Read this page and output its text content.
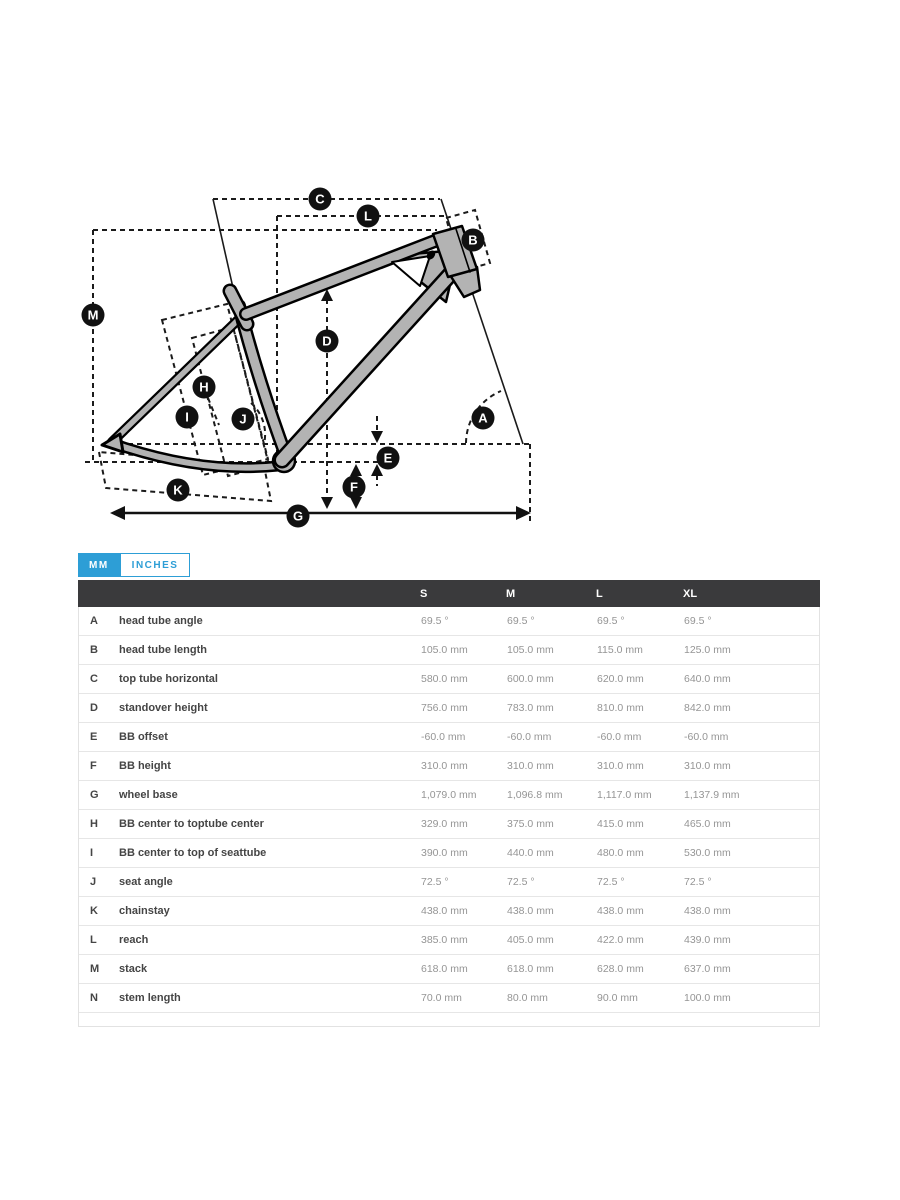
C
L
B
M
D
H
I	J	A
E
F
K
G
MM	INCHES
S	M	L	XL
A	head tube angle	69.5 °	69.5 °	69.5 °	69.5 °
B	head tube length	105.0 mm	105.0 mm	115.0 mm	125.0 mm
C	top tube horizontal	580.0 mm	600.0 mm	620.0 mm	640.0 mm
D	standover height	756.0 mm	783.0 mm	810.0 mm	842.0 mm
E	BB offset	-60.0 mm	-60.0 mm	-60.0 mm	-60.0 mm
F	BB height	310.0 mm	310.0 mm	310.0 mm	310.0 mm
G	wheel base	1,079.0 mm	1,096.8 mm	1,117.0 mm	1,137.9 mm
H	BB center to toptube center	329.0 mm	375.0 mm	415.0 mm	465.0 mm
I	BB center to top of seattube	390.0 mm	440.0 mm	480.0 mm	530.0 mm
J	seat angle	72.5 °	72.5 °	72.5 °	72.5 °
K	chainstay	438.0 mm	438.0 mm	438.0 mm	438.0 mm
L	reach	385.0 mm	405.0 mm	422.0 mm	439.0 mm
M	stack	618.0 mm	618.0 mm	628.0 mm	637.0 mm
N	stem length	70.0 mm	80.0 mm	90.0 mm	100.0 mm
